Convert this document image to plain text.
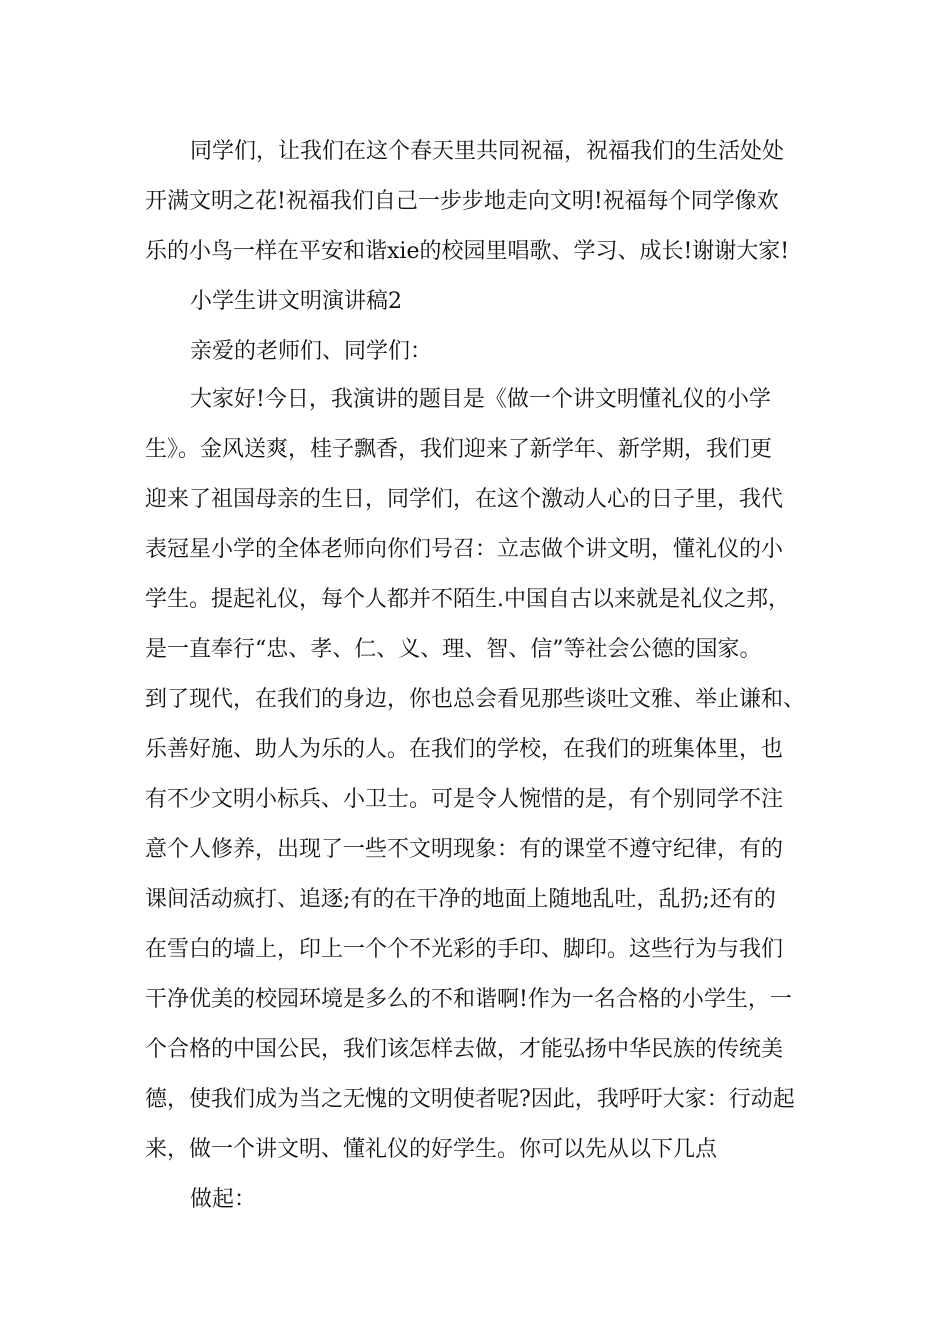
同学们，让我们在这个春天里共同祝福，祝福我们的生活处处

开满文明之花!祝福我们自己一步步地走向文明!祝福每个同学像欢

乐的小鸟一样在平安和谐xie的校园里唱歌、学习、成长!谢谢大家!

小学生讲文明演讲稿2

亲爱的老师们、同学们：

大家好!今日，我演讲的题目是《做一个讲文明懂礼仪的小学

生》。金风送爽，桂子飘香，我们迎来了新学年、新学期，我们更

迎来了祖国母亲的生日，同学们，在这个激动人心的日子里，我代

表冠星小学的全体老师向你们号召：立志做个讲文明，懂礼仪的小

学生。提起礼仪，每个人都并不陌生.中国自古以来就是礼仪之邦，

是一直奉行“忠、孝、仁、义、理、智、信”等社会公德的国家。

到了现代，在我们的身边，你也总会看见那些谈吐文雅、举止谦和、

乐善好施、助人为乐的人。在我们的学校，在我们的班集体里，也

有不少文明小标兵、小卫士。可是令人惋惜的是，有个别同学不注

意个人修养，出现了一些不文明现象：有的课堂不遵守纪律，有的

课间活动疯打、追逐;有的在干净的地面上随地乱吐，乱扔;还有的

在雪白的墙上，印上一个个不光彩的手印、脚印。这些行为与我们

干净优美的校园环境是多么的不和谐啊!作为一名合格的小学生，一

个合格的中国公民，我们该怎样去做，才能弘扬中华民族的传统美

德，使我们成为当之无愧的文明使者呢?因此，我呼吁大家：行动起

来，做一个讲文明、懂礼仪的好学生。你可以先从以下几点

做起：
